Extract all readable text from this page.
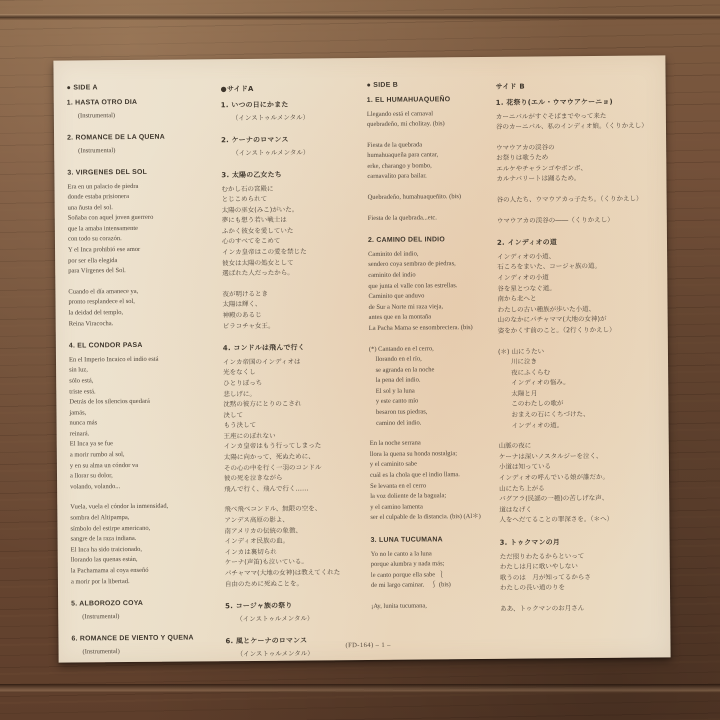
● SIDE A
1. HASTA OTRO DIA
(Instrumental)
2. ROMANCE DE LA QUENA
(Instrumental)
3. VIRGENES DEL SOL
Era en un palacio de piedra
donde estaba prisionera
una ñusta del sol.
Soñaba con aquel joven guerrero
que la amaba intensamente
con todo su corazón.
Y el Inca prohibió ese amor
por ser ella elegida
para Vírgenes del Sol.
Cuando el día amanece ya,
pronto resplandece el sol,
la deidad del templo,
Reina Viracocha.
4. EL CONDOR PASA
En el Imperio Incaico el indio está
sin luz,
sólo está,
triste está.
Detrás de los silencios quedará
jamás,
nunca más
reinará.
El Inca ya se fue
a morir rumbo al sol,
y en su alma un cóndor va
a llorar su dolor,
volando, volando...
Vuela, vuela el cóndor la inmensidad,
sombra del Altipampa,
símbolo del estirpe americano,
sangre de la raza indiana.
El Inca ha sido traicionado,
llorando las quenas están,
la Pachamama al coya enseñó
a morir por la libertad.
5. ALBOROZO COYA
(Instrumental)
6. ROMANCE DE VIENTO Y QUENA
(Instrumental)
●サイドA
1. いつの日にかまた
（インストゥルメンタル）
2. ケーナのロマンス
（インストゥルメンタル）
3. 太陽の乙女たち
むかし石の宮殿に
とじこめられて
太陽の巫女(みこ)がいた。
夢にも想う若い戦士は
ふかく彼女を愛していた
心のすべてをこめて
インカ皇帝はこの愛を禁じた
彼女は太陽の処女として
選ばれた人だったから。
夜が明けるとき
太陽は輝く、
神殿のあるじ
ビラコチャ女王。
4. コンドルは飛んで行く
インカ帝国のインディオは
光をなくし
ひとりぼっち
悲しげに。
沈黙の彼方にとりのこされ
決して
もう決して
王座にのぼれない
インカ皇帝はもう行ってしまった
太陽に向かって、死ぬために、
その心の中を行く一羽のコンドル
彼の死を泣きながら
飛んで行く、飛んで行く……
飛べ飛べコンドル、無限の空を、
アンデス高原の影よ、
南アメリカの伝統の象徴、
インディオ民族の血。
インカは裏切られ
ケーナ(声笛)も泣いている。
パチャママ(大地の女神)は教えてくれた
自由のために死ぬことを。
5. コージャ族の祭り
（インストゥルメンタル）
6. 風とケーナのロマンス
（インストゥルメンタル）
● SIDE B
1. EL HUMAHUAQUEÑO
Llegando está el carnaval
quebradeño, mi cholitay. (bis)
Fiesta de la quebrada
humahuaqueña para cantar,
erke, charango y bombo,
carnavalito para bailar.
Quebradeño, humahuaqueñito. (bis)
Fiesta de la quebrada...etc.
2. CAMINO DEL INDIO
Caminito del indio,
sendero coya sembrao de piedras,
caminito del indio
que junta el valle con las estrellas.
Caminito que anduvo
de Sur a Norte mi raza vieja,
antes que en la montaña
La Pacha Mama se ensombreciera. (bis)
(*) Cantando en el cerro,
llorando en el río,
se agranda en la noche
la pena del indio.
El sol y la luna
y este canto mío
besaron tus piedras,
camino del indio.
En la noche serrana
llora la quena su honda nostalgia;
y el caminito sabe
cuál es la chola que el indio llama.
Se levanta en el cerro
la voz doliente de la baguala;
y el camino lamenta
ser el culpable de la distancia. (bis) (Al＊)
3. LUNA TUCUMANA
Yo no le canto a la luna
porque alumbra y nada más;
le canto porque ella sabe  ⎱
de mi largo caminar.    ⎰ (bis)
¡Ay, lunita tucumana,
サイド B
1. 花祭り(エル・ウマウアケーニョ)
カーニバルがすぐそばまでやって来た
谷のカーニバル、私のインディオ娘。（くりかえし）
ウマウアカの渓谷の
お祭りは歌うため
エルケやチャランゴやボンボ、
カルナバリートは踊るため。
谷の人たち、ウマウアカっ子たち。（くりかえし）
ウマウアカの渓谷の――（くりかえし）
2. インディオの道
インディオの小道、
石ころをまいた、コージャ族の道。
インディオの小道
谷を星とつなぐ道。
南から北へと
わたしの古い種族が歩いた小道、
山のなかにパチャママ(大地の女神)が
姿をかくす前のこと。（2行くりかえし）
(＊) 山にうたい
　　川に泣き
　　夜にふくらむ
　　インディオの悩み。
　　太陽と月
　　このわたしの歌が
　　おまえの石にくちづけた、
　　インディオの道。
山脈の夜に
ケーナは深いノスタルジーを泣く、
小道は知っている
インディオの呼んでいる娘が誰だか。
山にたち上がる
バグアラ(民謡の一種)の苦しげな声、
道はなげく
人をへだてることの罪深さを。（＊へ）
3. トゥクマンの月
ただ照りわたるからといって
わたしは月に歌いやしない
歌うのは　月が知ってるからさ
わたしの長い道のりを
ああ、トゥクマンのお月さん
(FD-164) – 1 –
